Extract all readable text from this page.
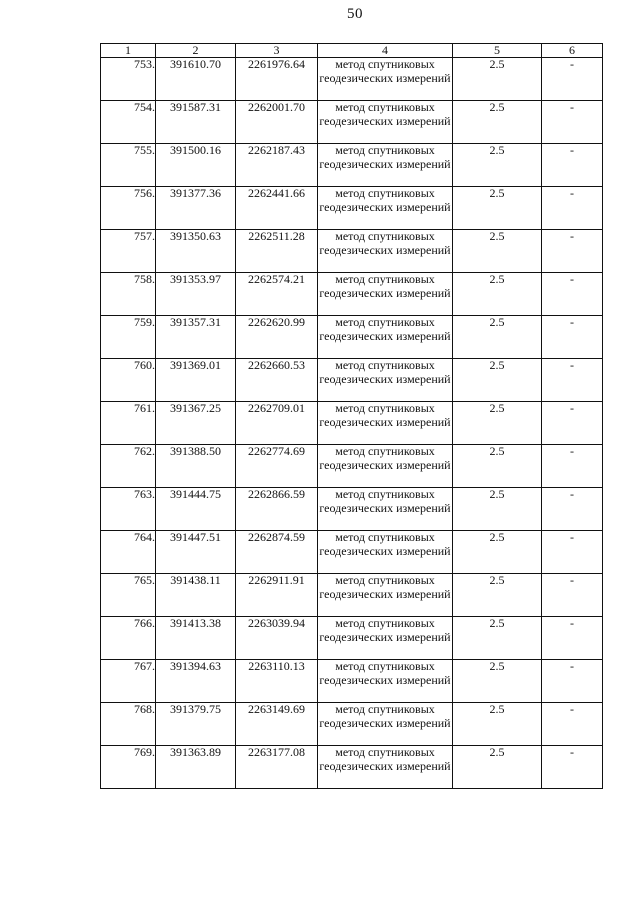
50
1	2	3	4	5	6
753.	391610.70	2261976.64	метод спутниковых геодезических измерений	2.5	-
754.	391587.31	2262001.70	метод спутниковых геодезических измерений	2.5	-
755.	391500.16	2262187.43	метод спутниковых геодезических измерений	2.5	-
756.	391377.36	2262441.66	метод спутниковых геодезических измерений	2.5	-
757.	391350.63	2262511.28	метод спутниковых геодезических измерений	2.5	-
758.	391353.97	2262574.21	метод спутниковых геодезических измерений	2.5	-
759.	391357.31	2262620.99	метод спутниковых геодезических измерений	2.5	-
760.	391369.01	2262660.53	метод спутниковых геодезических измерений	2.5	-
761.	391367.25	2262709.01	метод спутниковых геодезических измерений	2.5	-
762.	391388.50	2262774.69	метод спутниковых геодезических измерений	2.5	-
763.	391444.75	2262866.59	метод спутниковых геодезических измерений	2.5	-
764.	391447.51	2262874.59	метод спутниковых геодезических измерений	2.5	-
765.	391438.11	2262911.91	метод спутниковых геодезических измерений	2.5	-
766.	391413.38	2263039.94	метод спутниковых геодезических измерений	2.5	-
767.	391394.63	2263110.13	метод спутниковых геодезических измерений	2.5	-
768.	391379.75	2263149.69	метод спутниковых геодезических измерений	2.5	-
769.	391363.89	2263177.08	метод спутниковых геодезических измерений	2.5	-
